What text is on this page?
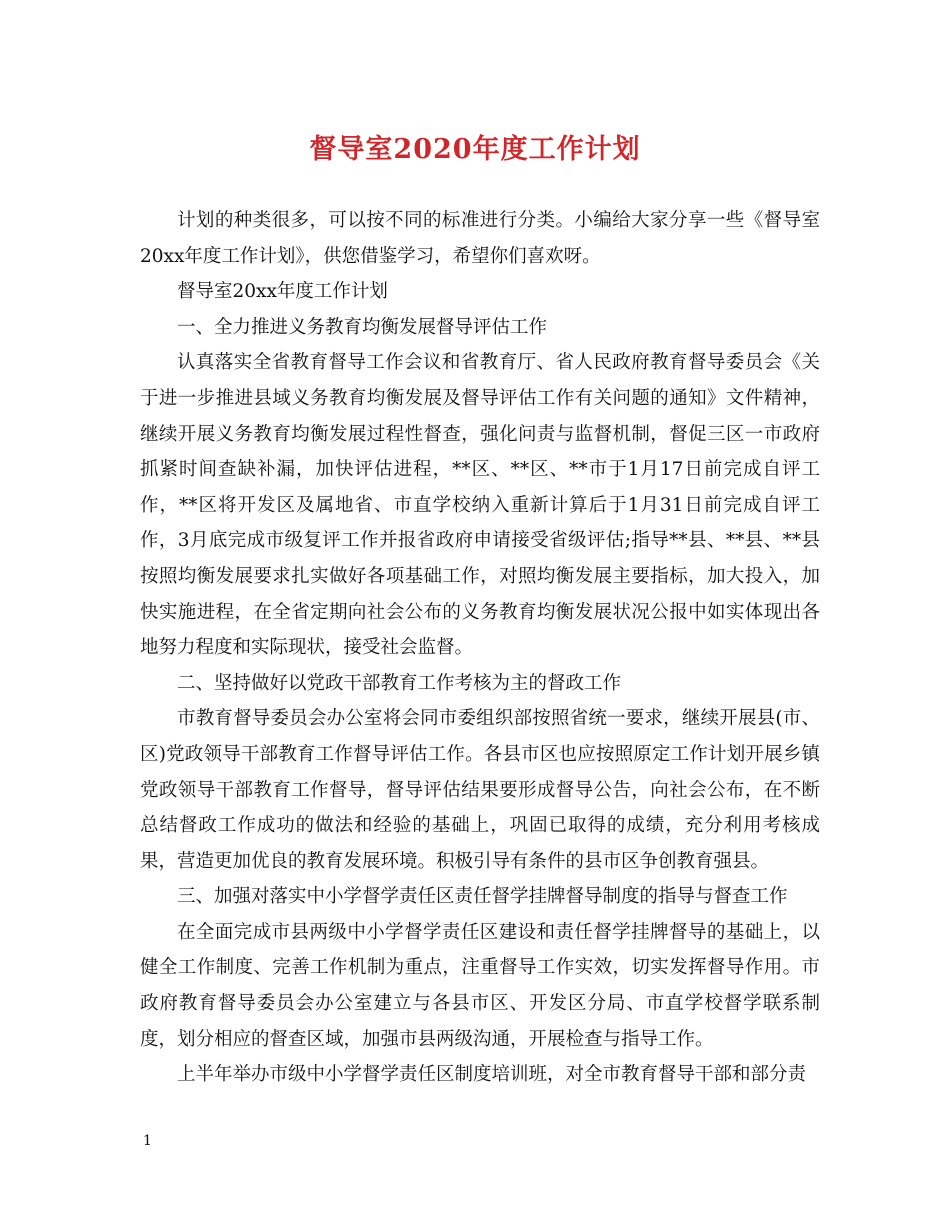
督导室2020年度工作计划

计划的种类很多，可以按不同的标准进行分类。小编给大家分享一些《督导室20xx年度工作计划》，供您借鉴学习，希望你们喜欢呀。

督导室20xx年度工作计划

一、全力推进义务教育均衡发展督导评估工作

认真落实全省教育督导工作会议和省教育厅、省人民政府教育督导委员会《关于进一步推进县域义务教育均衡发展及督导评估工作有关问题的通知》文件精神，继续开展义务教育均衡发展过程性督查，强化问责与监督机制，督促三区一市政府抓紧时间查缺补漏，加快评估进程，**区、**区、**市于1月17日前完成自评工作，**区将开发区及属地省、市直学校纳入重新计算后于1月31日前完成自评工作，3月底完成市级复评工作并报省政府申请接受省级评估;指导**县、**县、**县按照均衡发展要求扎实做好各项基础工作，对照均衡发展主要指标，加大投入，加快实施进程，在全省定期向社会公布的义务教育均衡发展状况公报中如实体现出各地努力程度和实际现状，接受社会监督。

二、坚持做好以党政干部教育工作考核为主的督政工作

市教育督导委员会办公室将会同市委组织部按照省统一要求，继续开展县(市、区)党政领导干部教育工作督导评估工作。各县市区也应按照原定工作计划开展乡镇党政领导干部教育工作督导，督导评估结果要形成督导公告，向社会公布，在不断总结督政工作成功的做法和经验的基础上，巩固已取得的成绩，充分利用考核成果，营造更加优良的教育发展环境。积极引导有条件的县市区争创教育强县。

三、加强对落实中小学督学责任区责任督学挂牌督导制度的指导与督查工作

在全面完成市县两级中小学督学责任区建设和责任督学挂牌督导的基础上，以健全工作制度、完善工作机制为重点，注重督导工作实效，切实发挥督导作用。市政府教育督导委员会办公室建立与各县市区、开发区分局、市直学校督学联系制度，划分相应的督查区域，加强市县两级沟通，开展检查与指导工作。

上半年举办市级中小学督学责任区制度培训班，对全市教育督导干部和部分责

1
